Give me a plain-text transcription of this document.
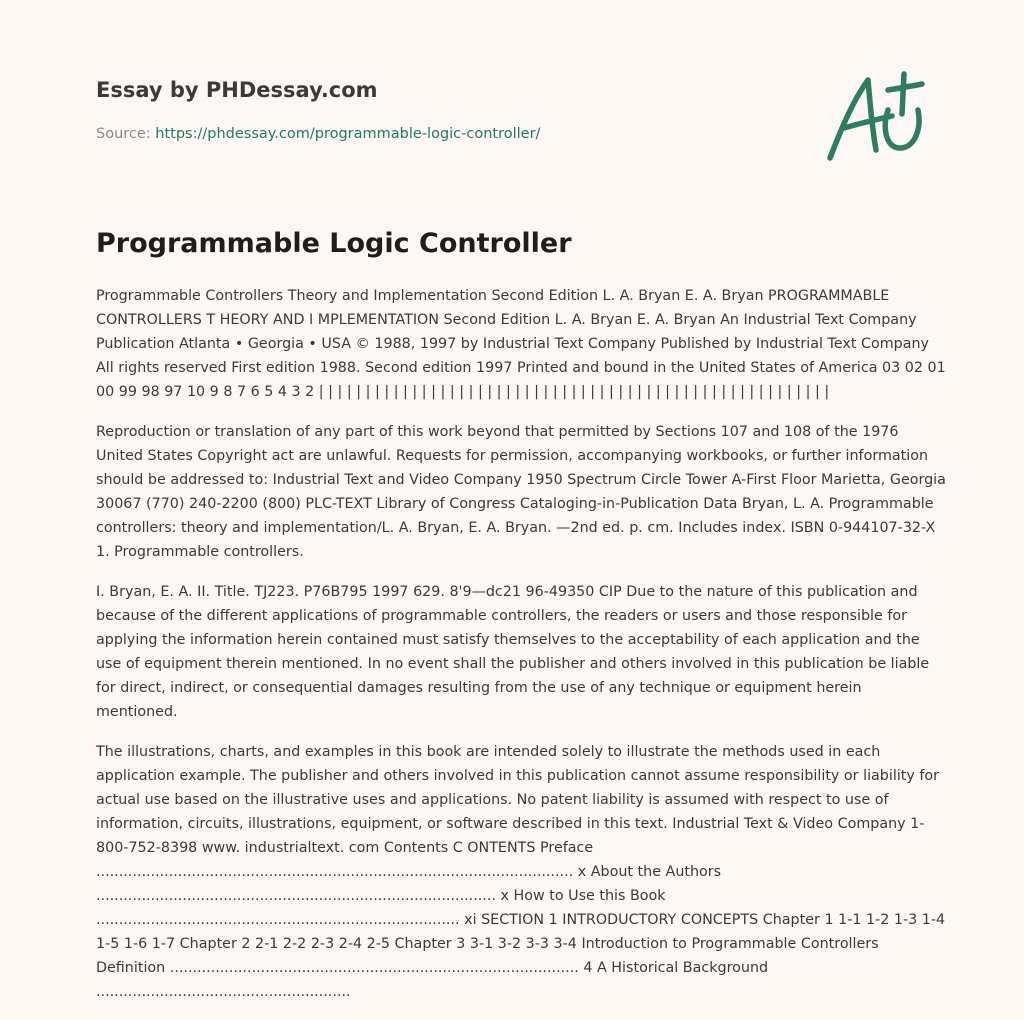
Essay by PHDessay.com
Source: https://phdessay.com/programmable-logic-controller/
Programmable Logic Controller

Programmable Controllers Theory and Implementation Second Edition L. A. Bryan E. A. Bryan PROGRAMMABLE CONTROLLERS T HEORY AND I MPLEMENTATION Second Edition L. A. Bryan E. A. Bryan An Industrial Text Company Publication Atlanta • Georgia • USA © 1988, 1997 by Industrial Text Company Published by Industrial Text Company All rights reserved First edition 1988. Second edition 1997 Printed and bound in the United States of America 03 02 01 00 99 98 97 10 9 8 7 6 5 4 3 2 | | | | | | | | | | | | | | | | | | | | | | | | | | | | | | | | | | | | | | | | | | | | | | | | | | | | | | |

Reproduction or translation of any part of this work beyond that permitted by Sections 107 and 108 of the 1976 United States Copyright act are unlawful. Requests for permission, accompanying workbooks, or further information should be addressed to: Industrial Text and Video Company 1950 Spectrum Circle Tower A-First Floor Marietta, Georgia 30067 (770) 240-2200 (800) PLC-TEXT Library of Congress Cataloging-in-Publication Data Bryan, L. A. Programmable controllers: theory and implementation/L. A. Bryan, E. A. Bryan. —2nd ed. p. cm. Includes index. ISBN 0-944107-32-X 1. Programmable controllers.

I. Bryan, E. A. II. Title. TJ223. P76B795 1997 629. 8'9—dc21 96-49350 CIP Due to the nature of this publication and because of the different applications of programmable controllers, the readers or users and those responsible for applying the information herein contained must satisfy themselves to the acceptability of each application and the use of equipment therein mentioned. In no event shall the publisher and others involved in this publication be liable for direct, indirect, or consequential damages resulting from the use of any technique or equipment herein mentioned.

The illustrations, charts, and examples in this book are intended solely to illustrate the methods used in each application example. The publisher and others involved in this publication cannot assume responsibility or liability for actual use based on the illustrative uses and applications. No patent liability is assumed with respect to use of information, circuits, illustrations, equipment, or software described in this text. Industrial Text & Video Company 1-800-752-8398 www. industrialtext. com Contents C ONTENTS Preface ......................................................................................................... x About the Authors ........................................................................................ x How to Use this Book ................................................................................ xi SECTION 1 INTRODUCTORY CONCEPTS Chapter 1 1-1 1-2 1-3 1-4 1-5 1-6 1-7 Chapter 2 2-1 2-2 2-3 2-4 2-5 Chapter 3 3-1 3-2 3-3 3-4 Introduction to Programmable Controllers Definition .......................................................................................... 4 A Historical Background ........................................................
